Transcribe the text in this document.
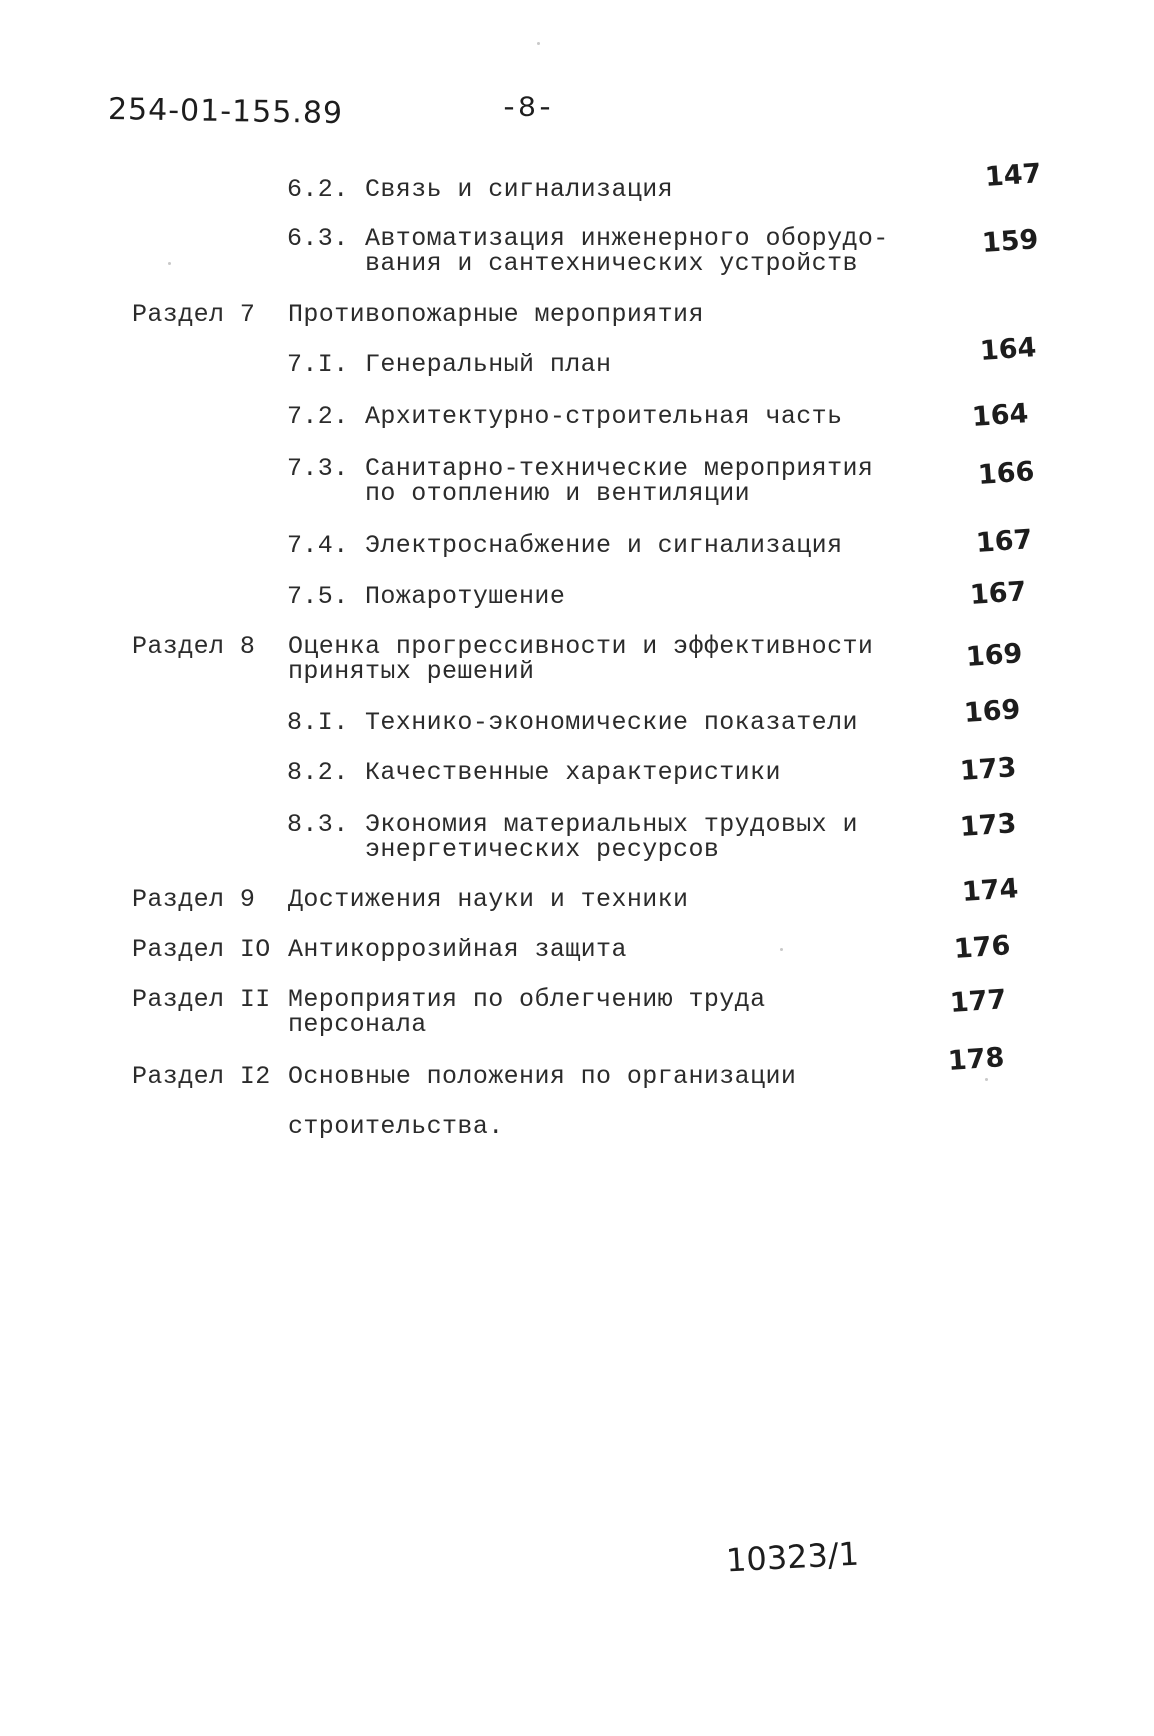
254-01-155.89	-8-
6.2. Связь и сигнализация	147
6.3. Автоматизация инженерного оборудо-
вания и сантехнических устройств
159
Раздел 7 Противопожарные мероприятия
7.I. Генеральный план	164
7.2. Архитектурно-строительная часть	164
7.3. Санитарно-технические мероприятия
по отоплению и вентиляции
166
7.4. Электроснабжение и сигнализация	167
7.5. Пожаротушение	167
Раздел 8 Оценка прогрессивности и эффективности
принятых решений	169
8.I. Технико-экономические показатели	169
8.2. Качественные характеристики	173
8.3. Экономия материальных трудовых и
энергетических ресурсов
173
Раздел 9 Достижения науки и техники	174
Раздел IO Антикоррозийная защита	176
Раздел II Мероприятия по облегчению труда
персонала
177
Раздел I2 Основные положения по организации
строительства.
178
10323/1
